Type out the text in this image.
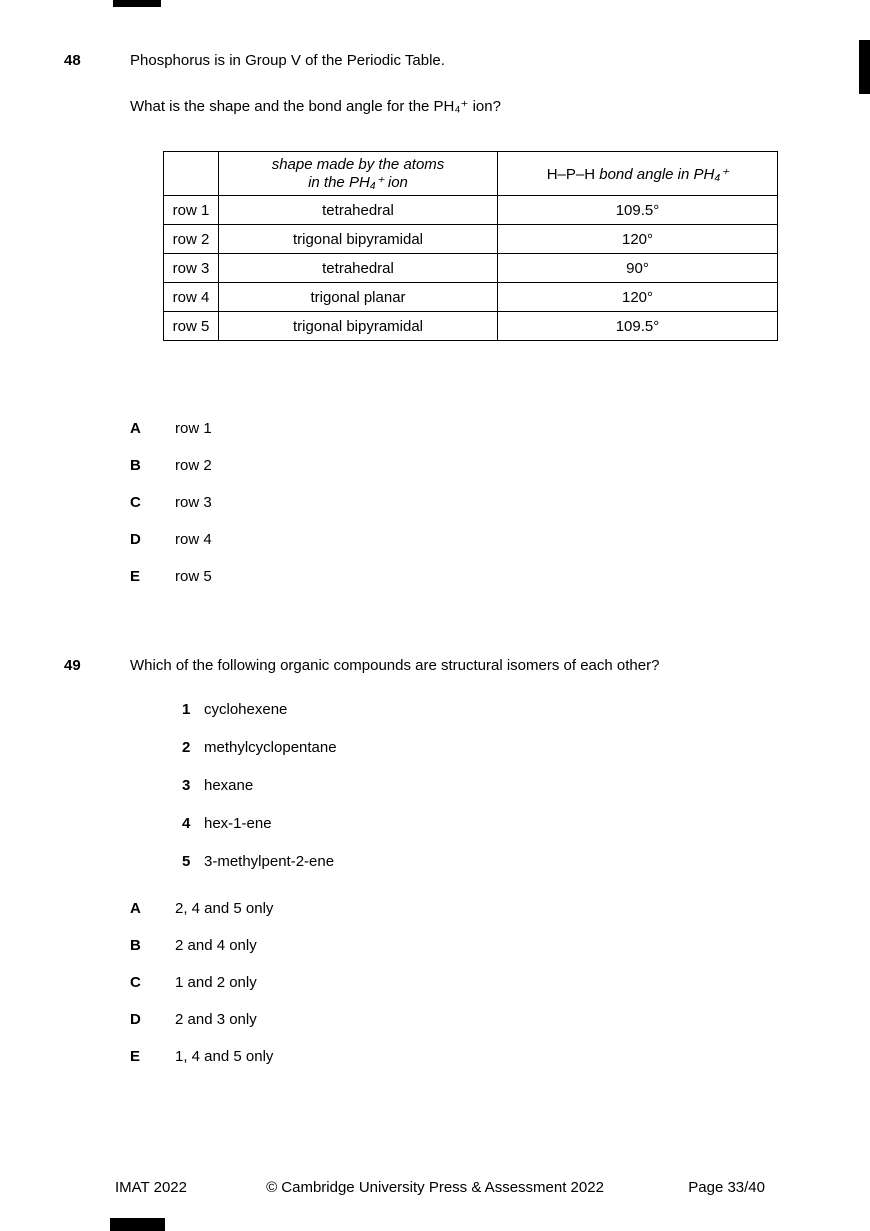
48	Phosphorus is in Group V of the Periodic Table.

What is the shape and the bond angle for the PH₄⁺ ion?

	shape made by the atoms
in the PH₄⁺ ion	H–P–H bond angle in PH₄⁺
row 1	tetrahedral	109.5°
row 2	trigonal bipyramidal	120°
row 3	tetrahedral	90°
row 4	trigonal planar	120°
row 5	trigonal bipyramidal	109.5°
A	row 1
B	row 2
C	row 3
D	row 4
E	row 5
49	Which of the following organic compounds are structural isomers of each other?

1 cyclohexene
2 methylcyclopentane
3 hexane
4 hex-1-ene
5 3-methylpent-2-ene
A	2, 4 and 5 only
B	2 and 4 only
C	1 and 2 only
D	2 and 3 only
E	1, 4 and 5 only
IMAT 2022	© Cambridge University Press & Assessment 2022	Page 33/40
